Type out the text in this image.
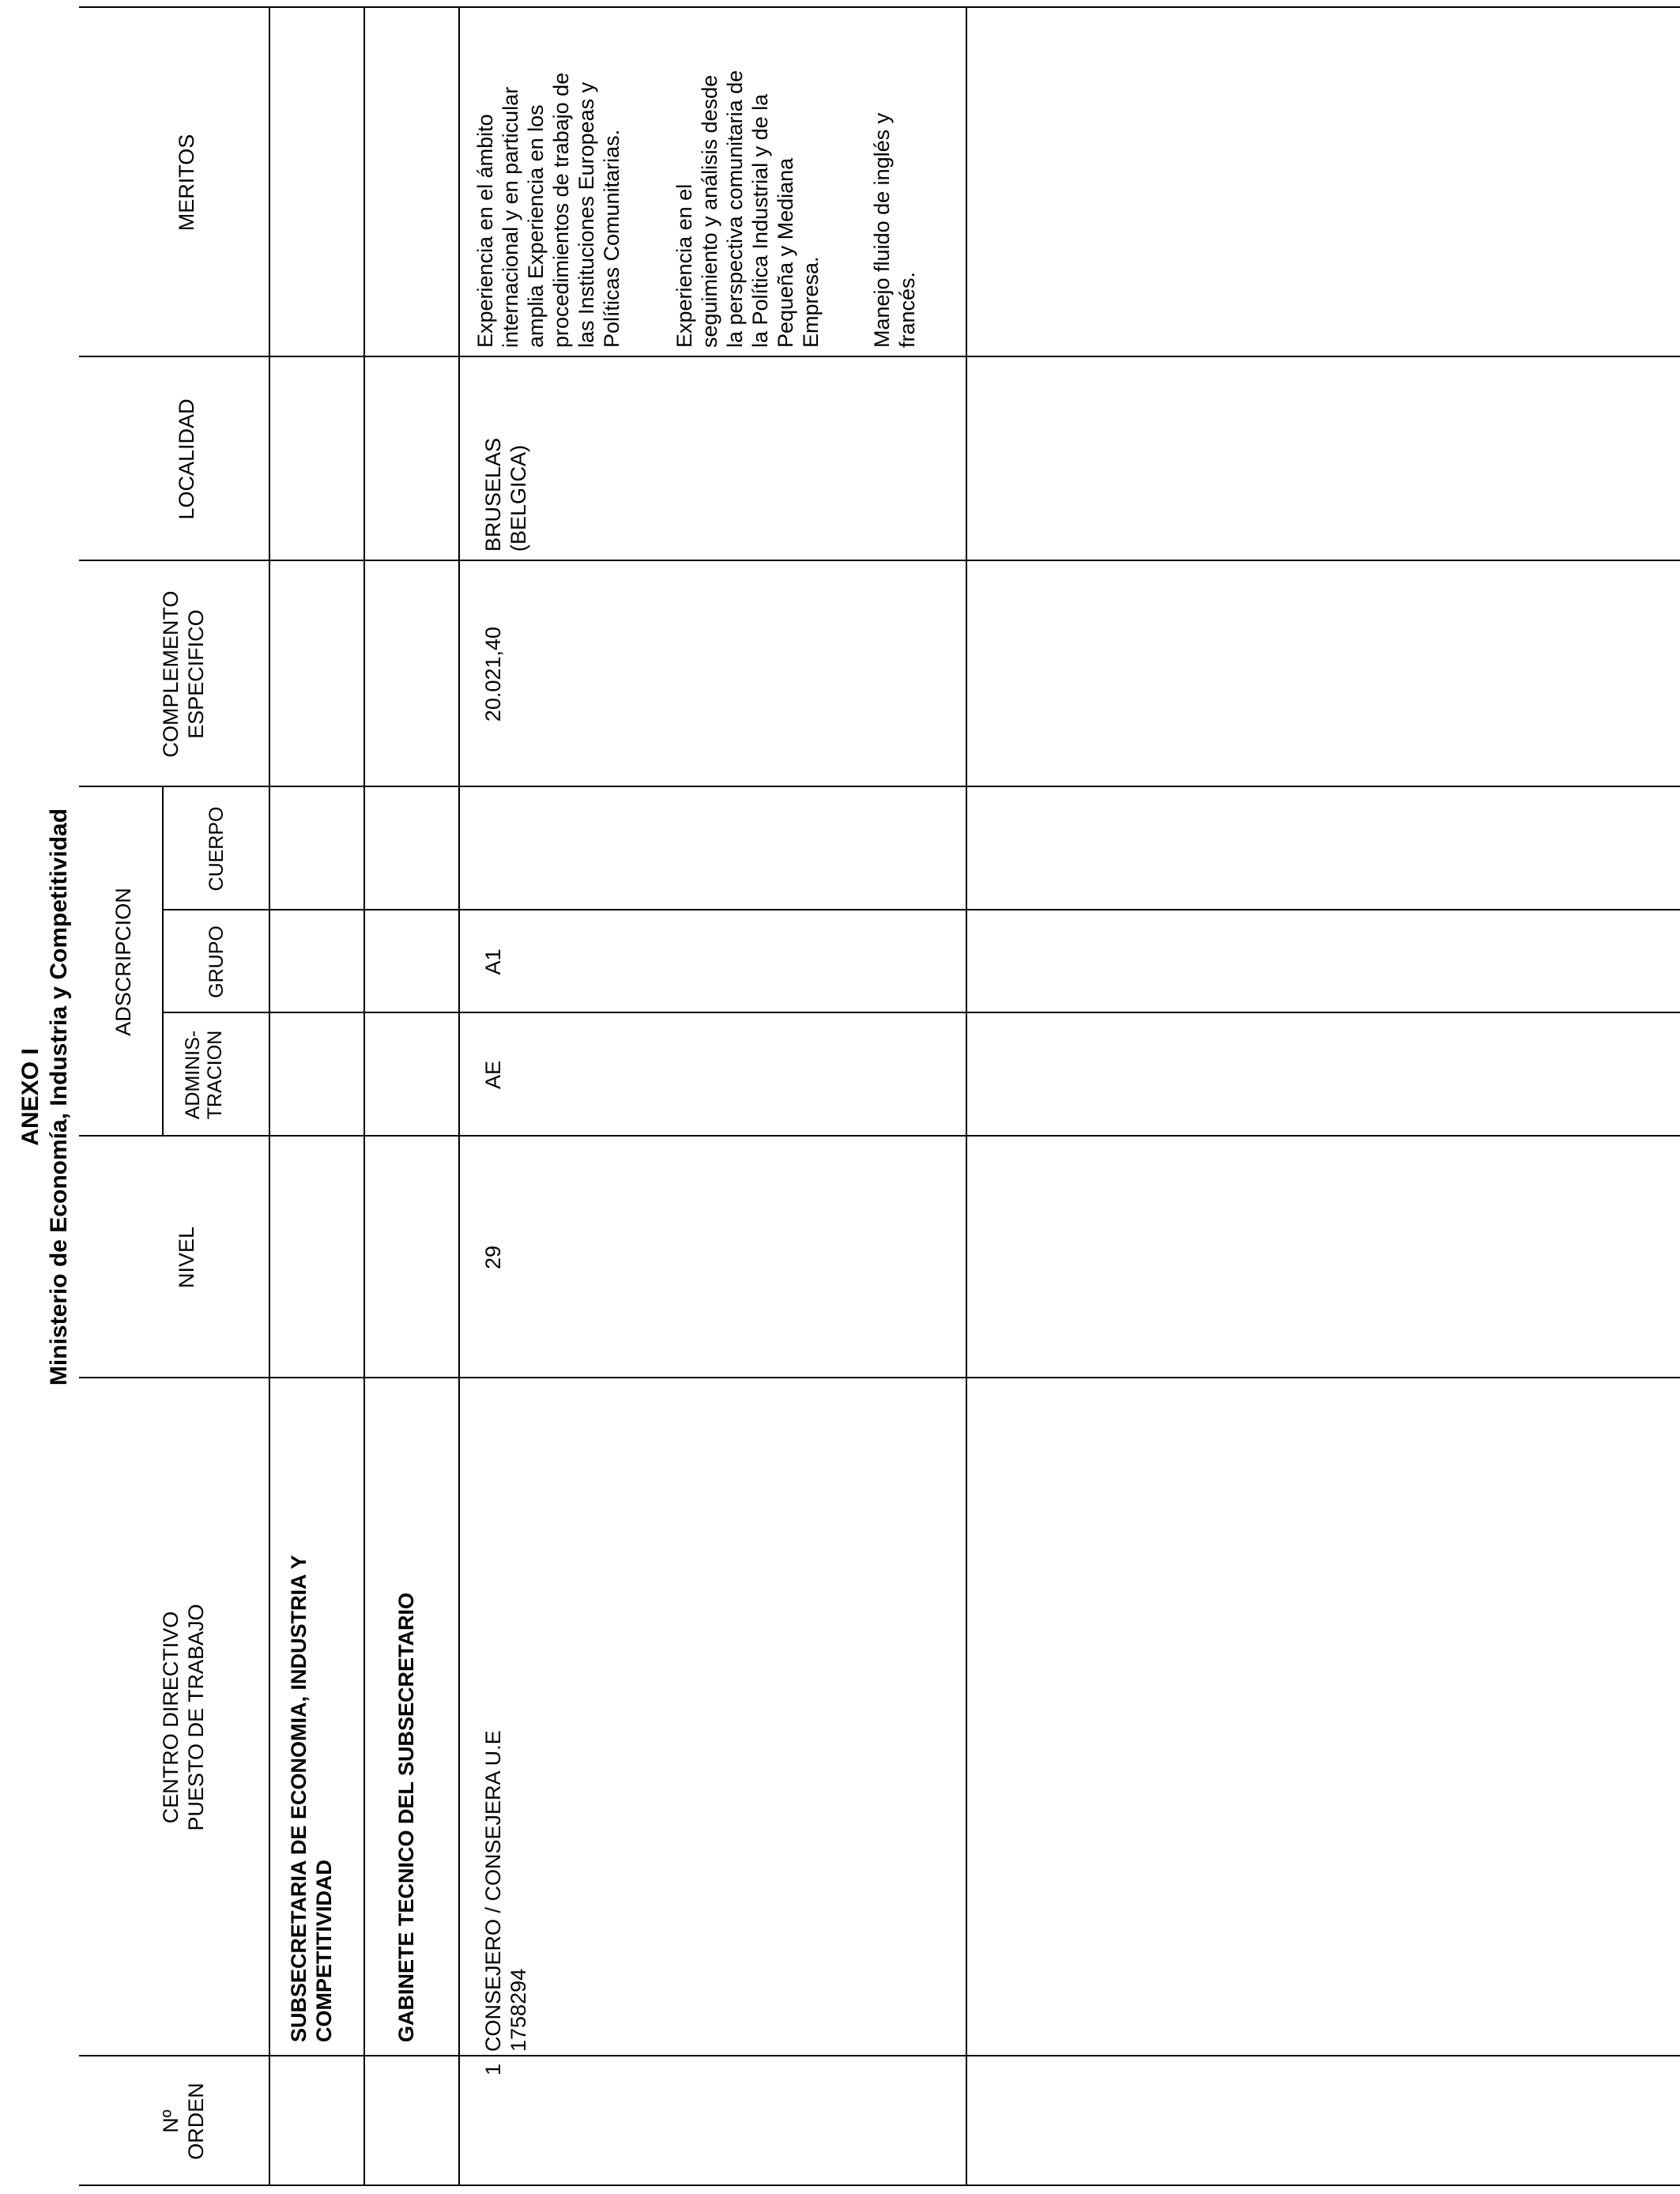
ANEXO I Ministerio de Economía, Industria y Competitividad
Nº
ORDEN
CENTRO DIRECTIVO
PUESTO DE TRABAJO
NIVEL
ADSCRIPCION
ADMINIS-
TRACION
GRUPO
CUERPO
COMPLEMENTO
ESPECIFICO
LOCALIDAD
MERITOS
SUBSECRETARIA DE ECONOMIA, INDUSTRIA Y COMPETITIVIDAD	GABINETE TECNICO DEL SUBSECRETARIO
1
CONSEJERO / CONSEJERA U.E
1758294
29
AE
A1
20.021,40
BRUSELAS
(BELGICA)
Experiencia en el ámbito
internacional y en particular
amplia Experiencia en los
procedimientos de trabajo de
las Instituciones Europeas y
Políticas Comunitarias.
Experiencia en el
seguimiento y análisis desde
la perspectiva comunitaria de
la Política Industrial y de la
Pequeña y Mediana
Empresa. Manejo fluido de inglés y
francés.
